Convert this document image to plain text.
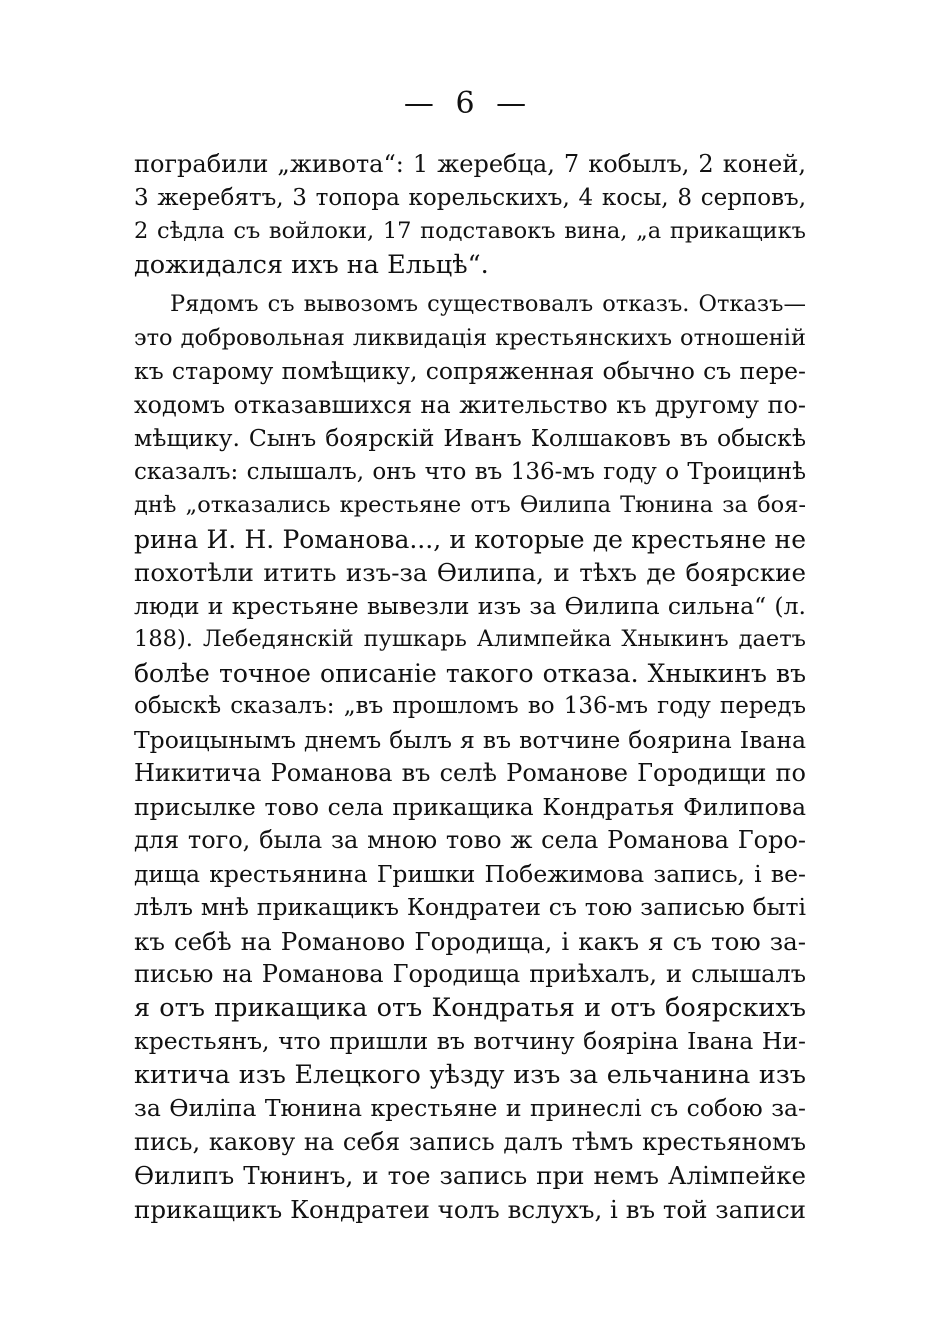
— 6 —
пограбили „живота“: 1 жеребца, 7 кобылъ, 2 коней,
3 жеребятъ, 3 топора корельскихъ, 4 косы, 8 серповъ,
2 сѣдла съ войлоки, 17 подставокъ вина, „а прикащикъ
дожидался ихъ на Ельцѣ“.
Рядомъ съ вывозомъ существовалъ отказъ. Отказъ—
это добровольная ликвидація крестьянскихъ отношеній
къ старому помѣщику, сопряженная обычно съ пере-
ходомъ отказавшихся на жительство къ другому по-
мѣщику. Сынъ боярскій Иванъ Колшаковъ въ обыскѣ
сказалъ: слышалъ, онъ что въ 136-мъ году о Троицинѣ
днѣ „отказались крестьяне отъ Ѳилипа Тюнина за боя-
рина И. Н. Романова..., и которые де крестьяне не
похотѣли итить изъ-за Ѳилипа, и тѣхъ де боярские
люди и крестьяне вывезли изъ за Ѳилипа сильна“ (л.
188). Лебедянскій пушкарь Алимпейка Хныкинъ даетъ
болѣе точное описаніе такого отказа. Хныкинъ въ
обыскѣ сказалъ: „въ прошломъ во 136-мъ году передъ
Троицынымъ днемъ былъ я въ вотчине боярина Івана
Никитича Романова въ селѣ Романове Городищи по
присылке тово села прикащика Кондратья Филипова
для того, была за мною тово ж села Романова Горо-
дища крестьянина Гришки Побежимова запись, і ве-
лѣлъ мнѣ прикащикъ Кондратеи съ тою записью быті
къ себѣ на Романово Городища, і какъ я съ тою за-
писью на Романова Городища приѣхалъ, и слышалъ
я отъ прикащика отъ Кондратья и отъ боярскихъ
крестьянъ, что пришли въ вотчину бояріна Івана Ни-
китича изъ Елецкого уѣзду изъ за ельчанина изъ
за Ѳиліпа Тюнина крестьяне и принеслі съ собою за-
пись, какову на себя запись далъ тѣмъ крестьяномъ
Ѳилипъ Тюнинъ, и тое запись при немъ Алімпейке
прикащикъ Кондратеи чолъ вслухъ, і въ той записи
